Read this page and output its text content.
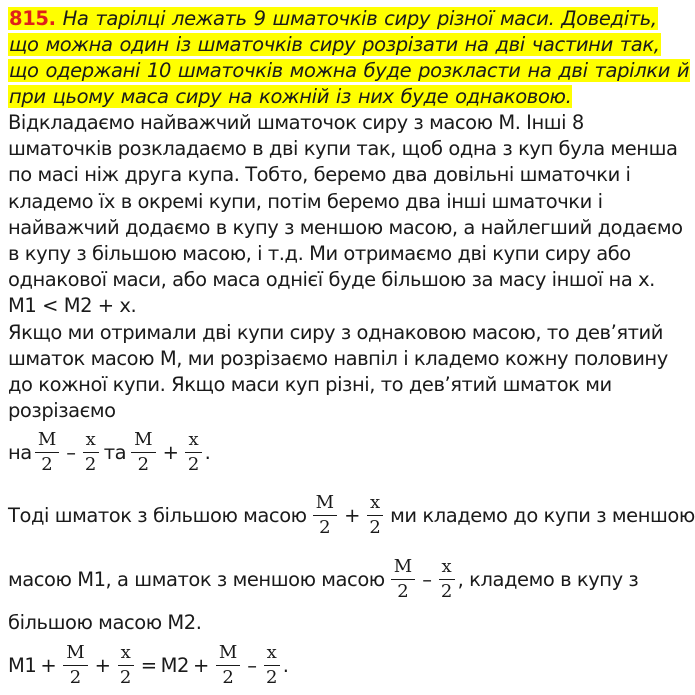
815. На тарілці лежать 9 шматочків сиру різної маси. Доведіть, що можна один із шматочків сиру розрізати на дві частини так, що одержані 10 шматочків можна буде розкласти на дві тарілки й при цьому маса сиру на кожній із них буде однаковою.

Відкладаємо найважчий шматочок сиру з масою М. Інші 8 шматочків розкладаємо в дві купи так, щоб одна з куп була менша по масі ніж друга купа. Тобто, беремо два довільні шматочки і кладемо їх в окремі купи, потім беремо два інші шматочки і найважчий додаємо в купу з меншою масою, а найлегший додаємо в купу з більшою масою, і т.д. Ми отримаємо дві купи сиру або однакової маси, або маса однієї буде більшою за масу іншої на х.

М1 < М2 + х.

Якщо ми отримали дві купи сиру з однаковою масою, то дев’ятий шматок масою М, ми розрізаємо навпіл і кладемо кожну половину до кожної купи. Якщо маси куп різні, то дев’ятий шматок ми розрізаємо

на $\frac{М}{2} - \frac{х}{2}$ та $\frac{М}{2} + \frac{х}{2}$ .
Тоді шматок з більшою масою $\frac{М}{2} + \frac{х}{2}$ ми кладемо до купи з меншою
масою М1, а шматок з меншою масою $\frac{М}{2} - \frac{х}{2}$ , кладемо в купу з

більшою масою М2.

$М1 + \frac{М}{2} + \frac{х}{2} = М2 + \frac{М}{2} - \frac{х}{2}$ .
